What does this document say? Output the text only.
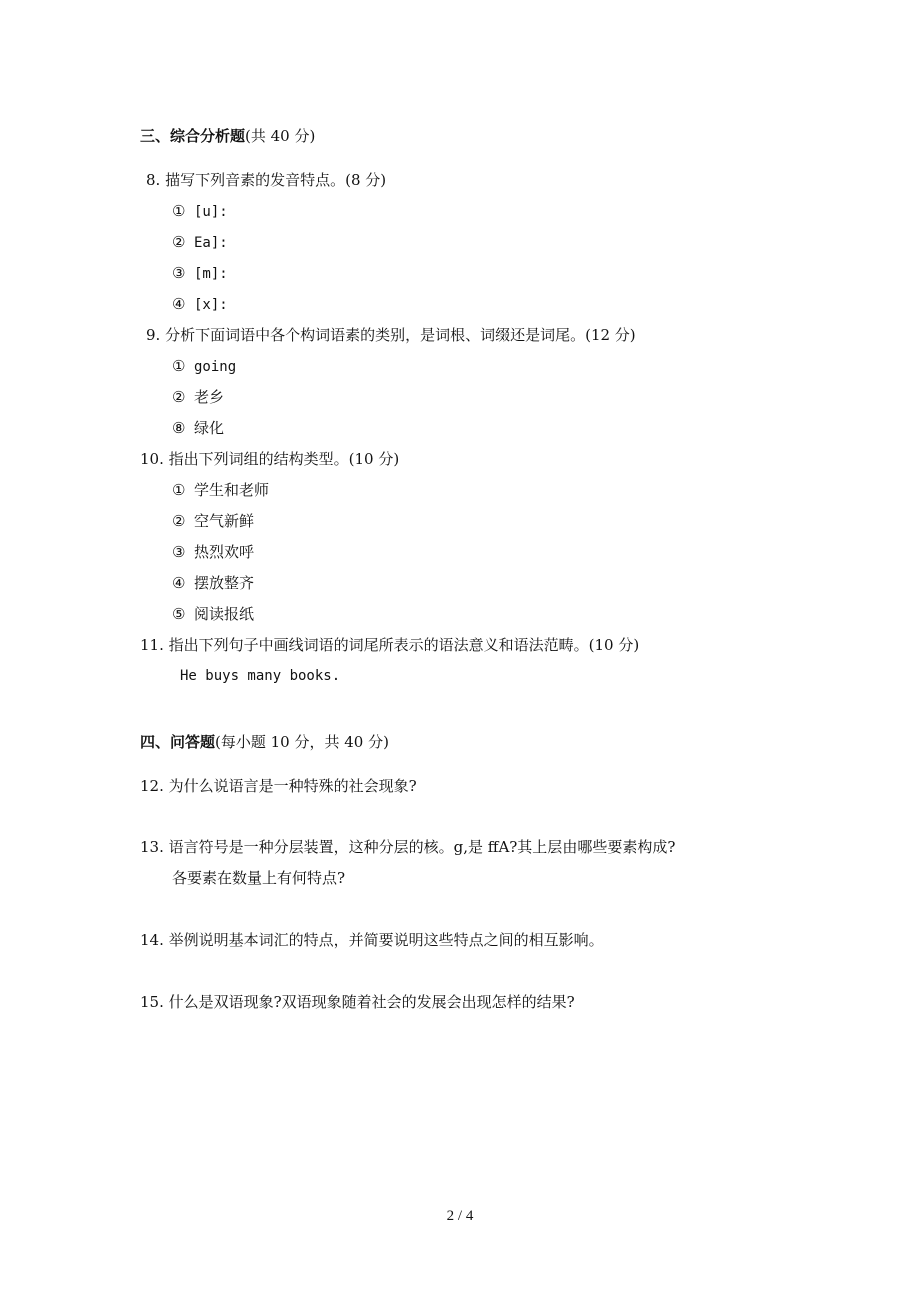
三、综合分析题(共 40 分)
8. 描写下列音素的发音特点。(8 分)
① [u]:
② Ea]:
③ [m]:
④ [x]:
9. 分析下面词语中各个构词语素的类别，是词根、词缀还是词尾。(12 分)
① going
② 老乡
⑧ 绿化
10. 指出下列词组的结构类型。(10 分)
① 学生和老师
② 空气新鲜
③ 热烈欢呼
④ 摆放整齐
⑤ 阅读报纸
11. 指出下列句子中画线词语的词尾所表示的语法意义和语法范畴。(10 分)
He buys many books.
四、问答题(每小题 10 分，共 40 分)
12. 为什么说语言是一种特殊的社会现象?
13. 语言符号是一种分层装置，这种分层的核。g,是 ffA?其上层由哪些要素构成?
各要素在数量上有何特点?
14. 举例说明基本词汇的特点，并简要说明这些特点之间的相互影响。
15. 什么是双语现象?双语现象随着社会的发展会出现怎样的结果?
2 / 4
